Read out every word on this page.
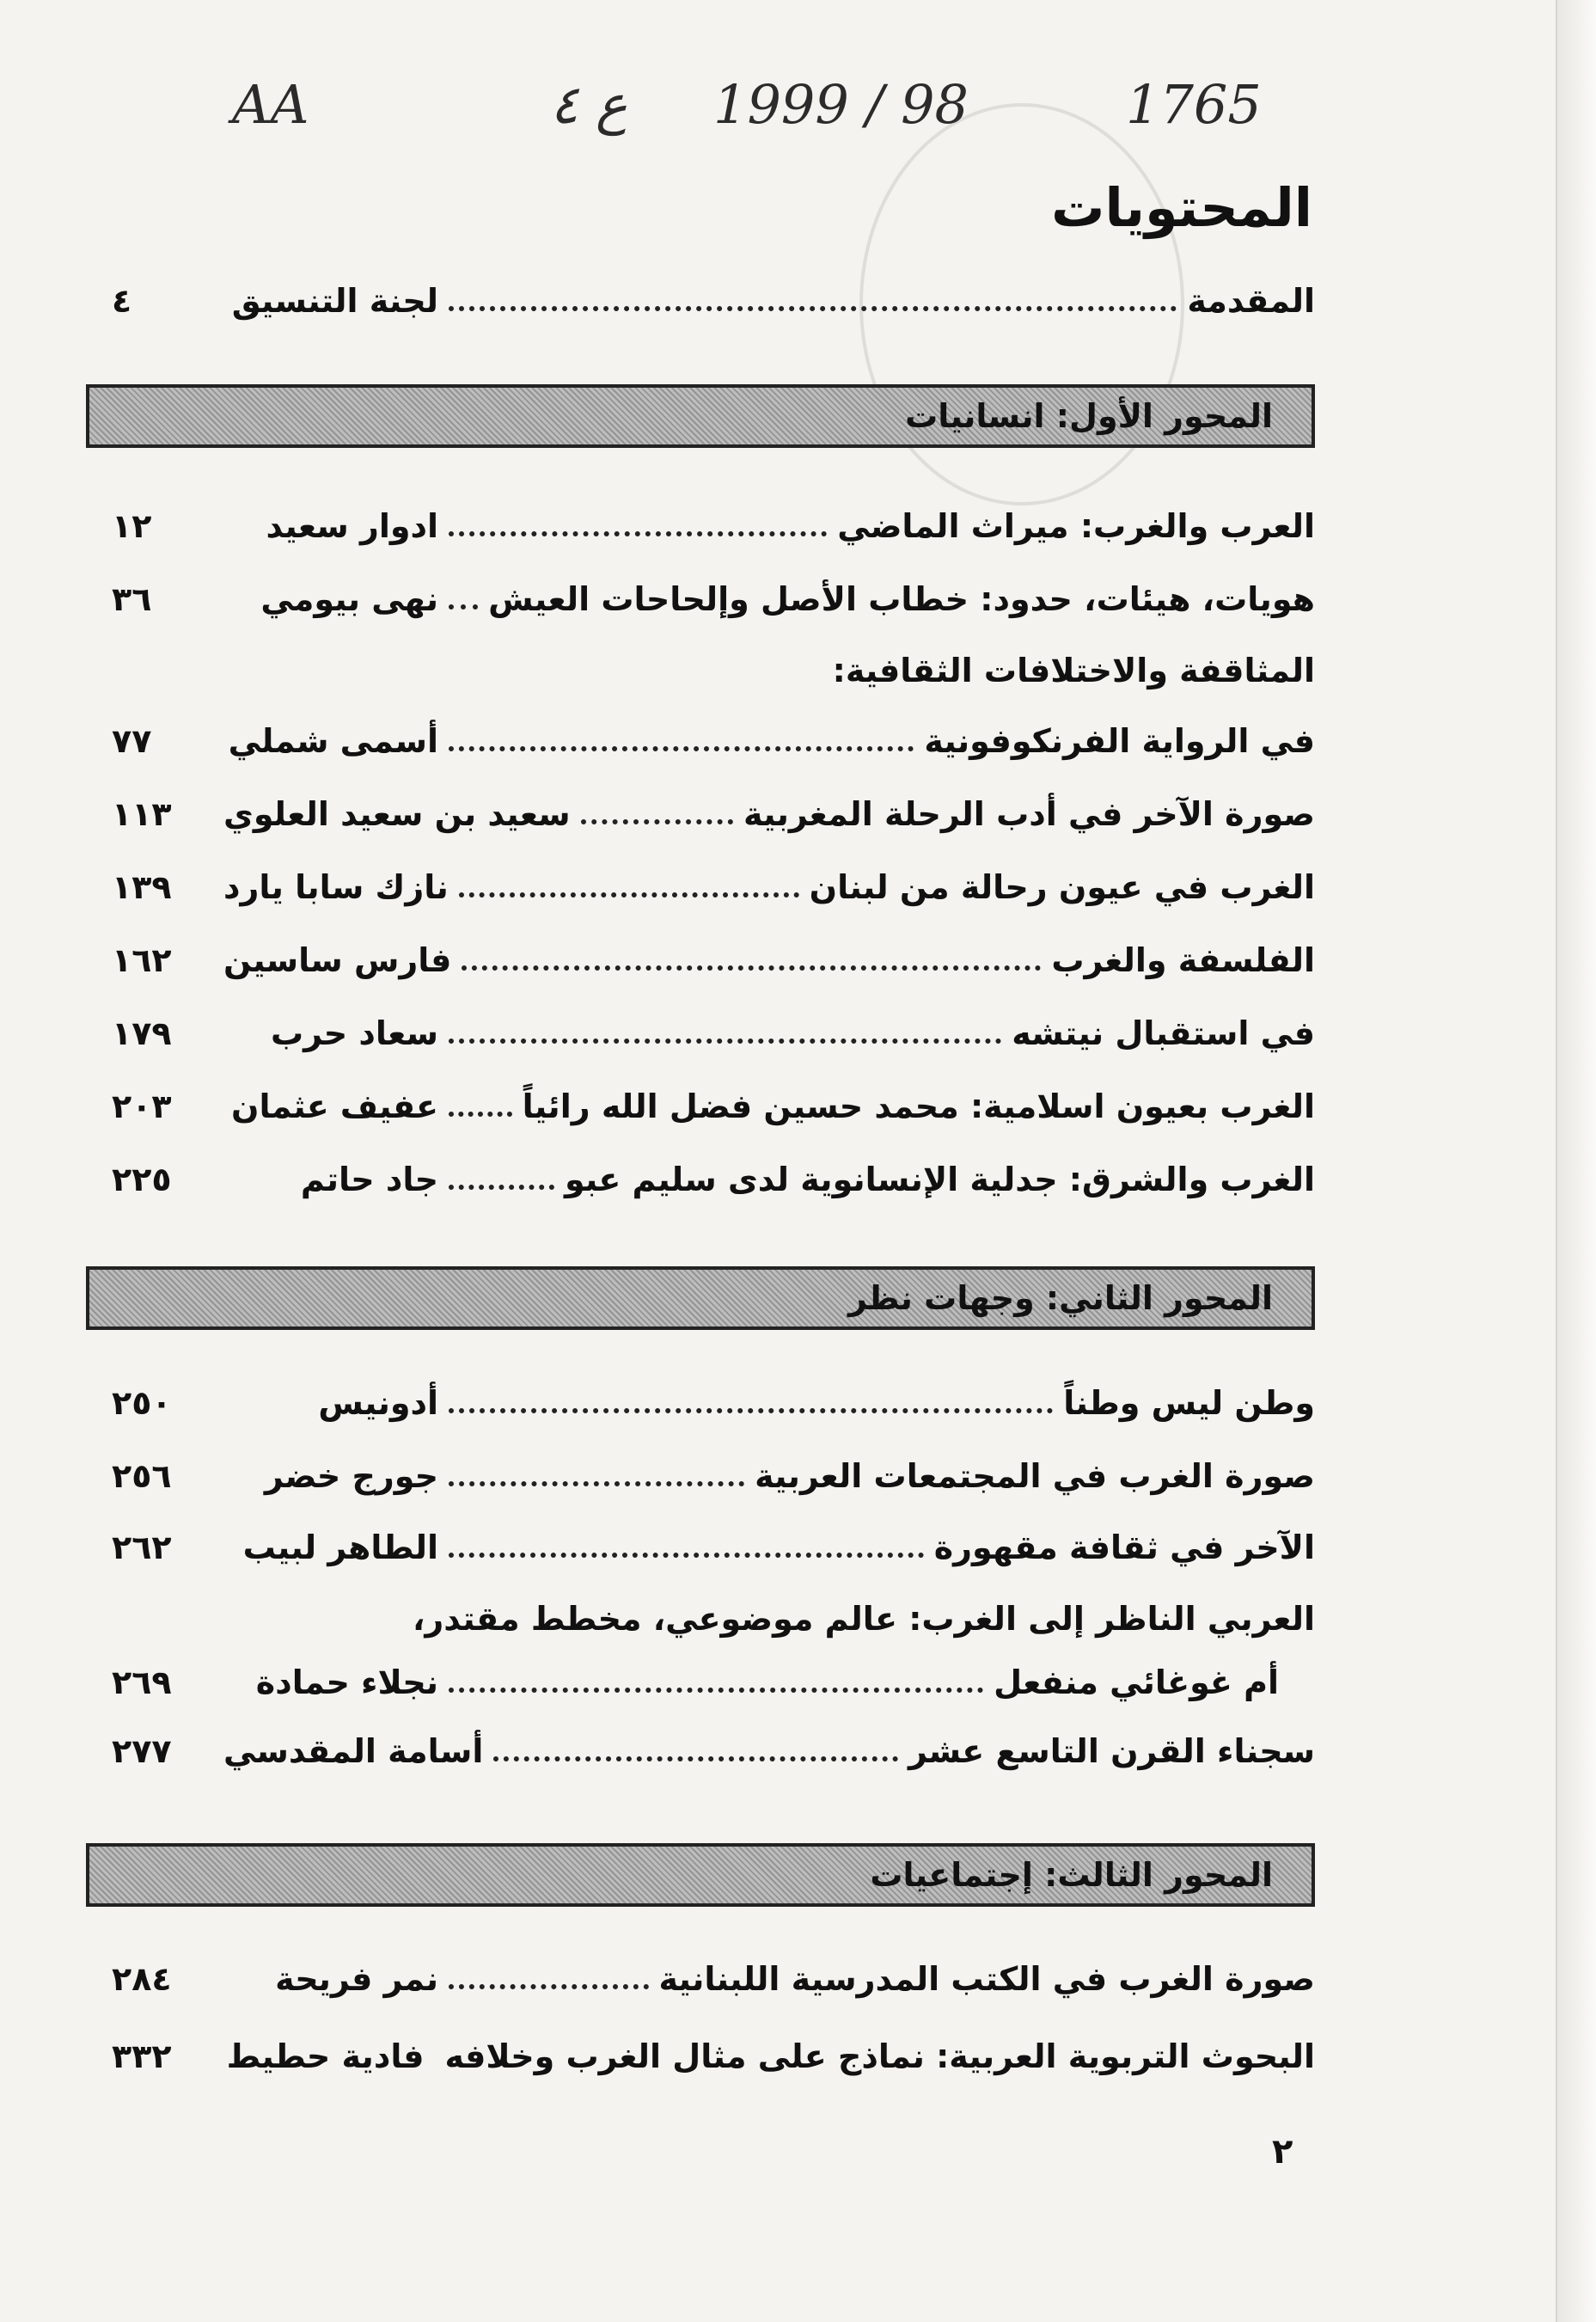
AA	ع ٤ 1999 / 98	1765
المحتويات
المقدمة
لجنة التنسيق
٤
المحور الأول: انسانيات
العرب والغرب: ميراث الماضي
ادوار سعيد
١٢
هويات، هيئات، حدود: خطاب الأصل وإلحاحات العيش
نهى بيومي
٣٦
المثاقفة والاختلافات الثقافية:
في الرواية الفرنكوفونية
أسمى شملي
٧٧
صورة الآخر في أدب الرحلة المغربية
سعيد بن سعيد العلوي
١١٣
الغرب في عيون رحالة من لبنان
نازك سابا يارد
١٣٩
الفلسفة والغرب
فارس ساسين
١٦٢
في استقبال نيتشه
سعاد حرب
١٧٩
الغرب بعيون اسلامية: محمد حسين فضل الله رائياً
عفيف عثمان
٢٠٣
الغرب والشرق: جدلية الإنسانوية لدى سليم عبو
جاد حاتم
٢٢٥
المحور الثاني: وجهات نظر
وطن ليس وطناً
أدونيس
٢٥٠
صورة الغرب في المجتمعات العربية
جورج خضر
٢٥٦
الآخر في ثقافة مقهورة
الطاهر لبيب
٢٦٢
العربي الناظر إلى الغرب: عالم موضوعي، مخطط مقتدر،
أم غوغائي منفعل
نجلاء حمادة
٢٦٩
سجناء القرن التاسع عشر
أسامة المقدسي
٢٧٧
المحور الثالث: إجتماعيات
صورة الغرب في الكتب المدرسية اللبنانية
نمر فريحة
٢٨٤
البحوث التربوية العربية: نماذج على مثال الغرب وخلافه
فادية حطيط
٣٣٢
٢
